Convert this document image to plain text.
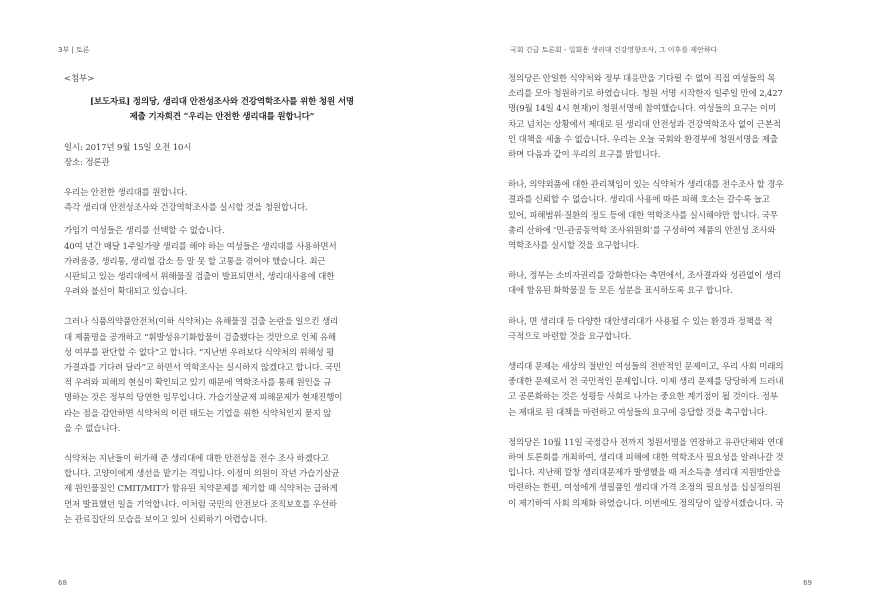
3부 | 토론

<첨부>

[보도자료] 정의당, 생리대 안전성조사와 건강역학조사를 위한 청원 서명

제출 기자회견 “우리는 안전한 생리대를 원합니다”

일시: 2017년 9월 15일 오전 10시

장소: 정론관

우리는 안전한 생리대를 원합니다.

즉각 생리대 안전성조사와 건강역학조사를 실시할 것을 청원합니다.

가임기 여성들은 생리를 선택할 수 없습니다.

40여 년간 매달 1주일가량 생리를 해야 하는 여성들은 생리대를 사용하면서

가려움증, 생리통, 생리혈 감소 등 말 못 할 고통을 겪어야 했습니다. 최근

시판되고 있는 생리대에서 위해물질 검출이 발표되면서, 생리대사용에 대한

우려와 불신이 확대되고 있습니다.

그러나 식품의약품안전처(이하 식약처)는 유해물질 검출 논란을 일으킨 생리

대 제품명을 공개하고 “휘발성유기화합물이 검출됐다는 것만으로 인체 유해

성 여부를 판단할 수 없다”고 합니다. “지난번 우려보다 식약처의 위해성 평

가결과를 기다려 달라”고 하면서 역학조사는 실시하지 않겠다고 합니다. 국민

적 우려와 피해의 현실이 확인되고 있기 때문에 역학조사를 통해 원인을 규

명하는 것은 정부의 당연한 임무입니다. 가습기살균제 피해문제가 현재진행이

라는 점을 감안하면 식약처의 이런 태도는 기업을 위한 식약처인지 묻지 않

을 수 없습니다.

식약처는 지난들이 허가해 준 생리대에 대한 안전성을 전수 조사 하겠다고

합니다. 고양이에게 생선을 맡기는 격입니다. 이정미 의원이 작년 가습기살균

제 원인물질인 CMIT/MIT가 함유된 치약문제를 제기할 때 식약처는 급하게

먼저 발표했던 일을 기억합니다. 이처럼 국민의 안전보다 조직보호를 우선하

는 관료집단의 모습을 보이고 있어 신뢰하기 어렵습니다.

68
국회 긴급 토론회 - 일회용 생리대 건강영향조사, 그 이후를 제안하다

정의당은 안일한 식약처와 정부 대응만을 기다릴 수 없어 직접 여성들의 목

소리를 모아 청원하기로 하였습니다. 청원 서명 시작한지 일주일 만에 2,427

명(9월 14일 4시 현재)이 청원서명에 참여했습니다. 여성들의 요구는 이미

차고 넘치는 상황에서 제대로 된 생리대 안전성과 건강역학조사 없이 근본적

인 대책을 세울 수 없습니다. 우리는 오늘 국회와 환경부에 청원서명을 제출

하며 다음과 같이 우리의 요구를 밝힙니다.

하나, 의약외품에 대한 관리책임이 있는 식약처가 생리대를 전수조사 할 경우

결과를 신뢰할 수 없습니다. 생리대 사용에 따른 피해 호소는 갈수록 늘고

있어, 피해범위·질환의 정도 등에 대한 역학조사를 실시해야만 합니다. 국무

총리 산하에 ‘민-관공동역학 조사위원회’를 구성하여 제품의 안전성 조사와

역학조사를 실시할 것을 요구합니다.

하나, 정부는 소비자권리를 강화한다는 측면에서, 조사결과와 성관없이 생리

대에 함유된 화학물질 등 모든 성분을 표시하도록 요구 합니다.

하나, 면 생리대 등 다양한 대안생리대가 사용될 수 있는 환경과 정책을 적

극적으로 마련할 것을 요구합니다.

생리대 문제는 세상의 절반인 여성들의 전반적인 문제이고, 우리 사회 미래의

중대한 문제로서 전 국민적인 문제입니다. 이제 생리 문제를 당당하게 드러내

고 공론화하는 것은 성평등 사회로 나가는 중요한 계기점이 될 것이다. 정부

는 제대로 된 대책을 마련하고 여성들의 요구에 응답할 것을 촉구합니다.

정의당은 10월 11일 국정감사 전까지 청원서명을 연장하고 유관단체와 연대

하여 토론회를 개최하여, 생리대 피해에 대한 역학조사 필요성을 알려나갈 것

입니다. 지난해 깔창 생리대문제가 발생했을 때 저소득층 생리대 지원방안을

마련하는 한편, 여성에게 생필품인 생리대 가격 조정의 필요성을 십실정의원

이 제기하여 사회 의제화 하였습니다. 이번에도 정의당이 앞장서겠습니다. 국

69
